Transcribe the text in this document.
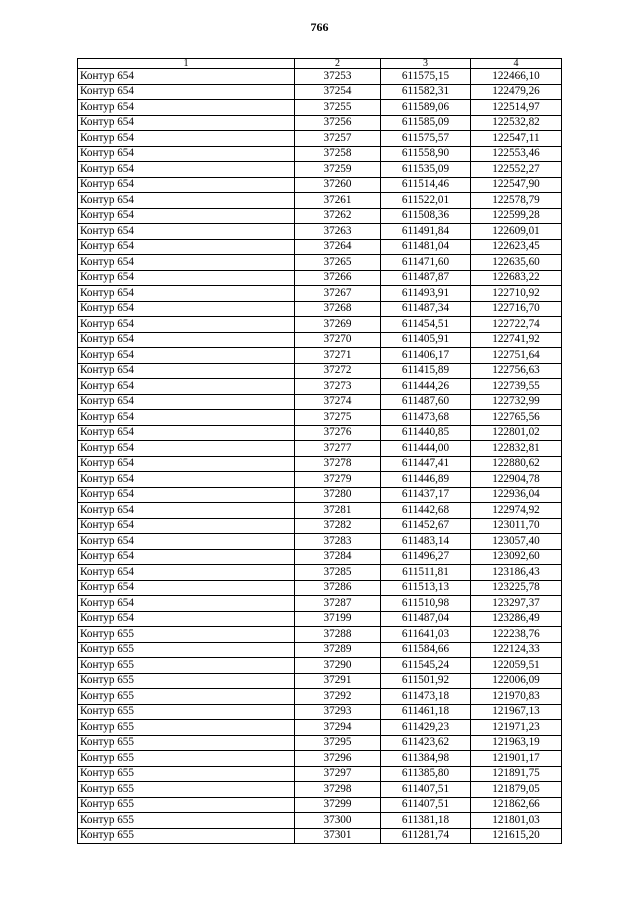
766
1	2	3	4
Контур 654	37253	611575,15	122466,10
Контур 654	37254	611582,31	122479,26
Контур 654	37255	611589,06	122514,97
Контур 654	37256	611585,09	122532,82
Контур 654	37257	611575,57	122547,11
Контур 654	37258	611558,90	122553,46
Контур 654	37259	611535,09	122552,27
Контур 654	37260	611514,46	122547,90
Контур 654	37261	611522,01	122578,79
Контур 654	37262	611508,36	122599,28
Контур 654	37263	611491,84	122609,01
Контур 654	37264	611481,04	122623,45
Контур 654	37265	611471,60	122635,60
Контур 654	37266	611487,87	122683,22
Контур 654	37267	611493,91	122710,92
Контур 654	37268	611487,34	122716,70
Контур 654	37269	611454,51	122722,74
Контур 654	37270	611405,91	122741,92
Контур 654	37271	611406,17	122751,64
Контур 654	37272	611415,89	122756,63
Контур 654	37273	611444,26	122739,55
Контур 654	37274	611487,60	122732,99
Контур 654	37275	611473,68	122765,56
Контур 654	37276	611440,85	122801,02
Контур 654	37277	611444,00	122832,81
Контур 654	37278	611447,41	122880,62
Контур 654	37279	611446,89	122904,78
Контур 654	37280	611437,17	122936,04
Контур 654	37281	611442,68	122974,92
Контур 654	37282	611452,67	123011,70
Контур 654	37283	611483,14	123057,40
Контур 654	37284	611496,27	123092,60
Контур 654	37285	611511,81	123186,43
Контур 654	37286	611513,13	123225,78
Контур 654	37287	611510,98	123297,37
Контур 654	37199	611487,04	123286,49
Контур 655	37288	611641,03	122238,76
Контур 655	37289	611584,66	122124,33
Контур 655	37290	611545,24	122059,51
Контур 655	37291	611501,92	122006,09
Контур 655	37292	611473,18	121970,83
Контур 655	37293	611461,18	121967,13
Контур 655	37294	611429,23	121971,23
Контур 655	37295	611423,62	121963,19
Контур 655	37296	611384,98	121901,17
Контур 655	37297	611385,80	121891,75
Контур 655	37298	611407,51	121879,05
Контур 655	37299	611407,51	121862,66
Контур 655	37300	611381,18	121801,03
Контур 655	37301	611281,74	121615,20
